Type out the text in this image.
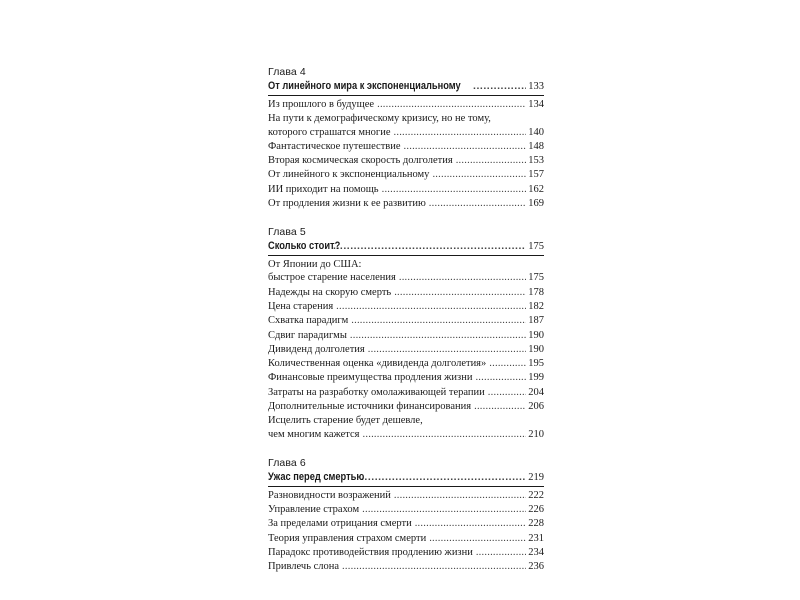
Глава 4
От линейного мира к экспоненциальному . . .	133
Из прошлого в будущее . . .	134
На пути к демографическому кризису, но не тому,
которого страшатся многие . . .	140
Фантастическое путешествие . . .	148
Вторая космическая скорость долголетия . . .	153
От линейного к экспоненциальному . . .	157
ИИ приходит на помощь . . .	162
От продления жизни к ее развитию . . .	169
Глава 5
Сколько стоит? . . .	175
От Японии до США:
быстрое старение населения . . .	175
Надежды на скорую смерть . . .	178
Цена старения . . .	182
Схватка парадигм . . .	187
Сдвиг парадигмы . . .	190
Дивиденд долголетия . . .	190
Количественная оценка «дивиденда долголетия» . . .	195
Финансовые преимущества продления жизни . . .	199
Затраты на разработку омолаживающей терапии . . .	204
Дополнительные источники финансирования . . .	206
Исцелить старение будет дешевле,
чем многим кажется . . .	210
Глава 6
Ужас перед смертью . . .	219
Разновидности возражений . . .	222
Управление страхом . . .	226
За пределами отрицания смерти . . .	228
Теория управления страхом смерти . . .	231
Парадокс противодействия продлению жизни . . .	234
Привлечь слона . . .	236
